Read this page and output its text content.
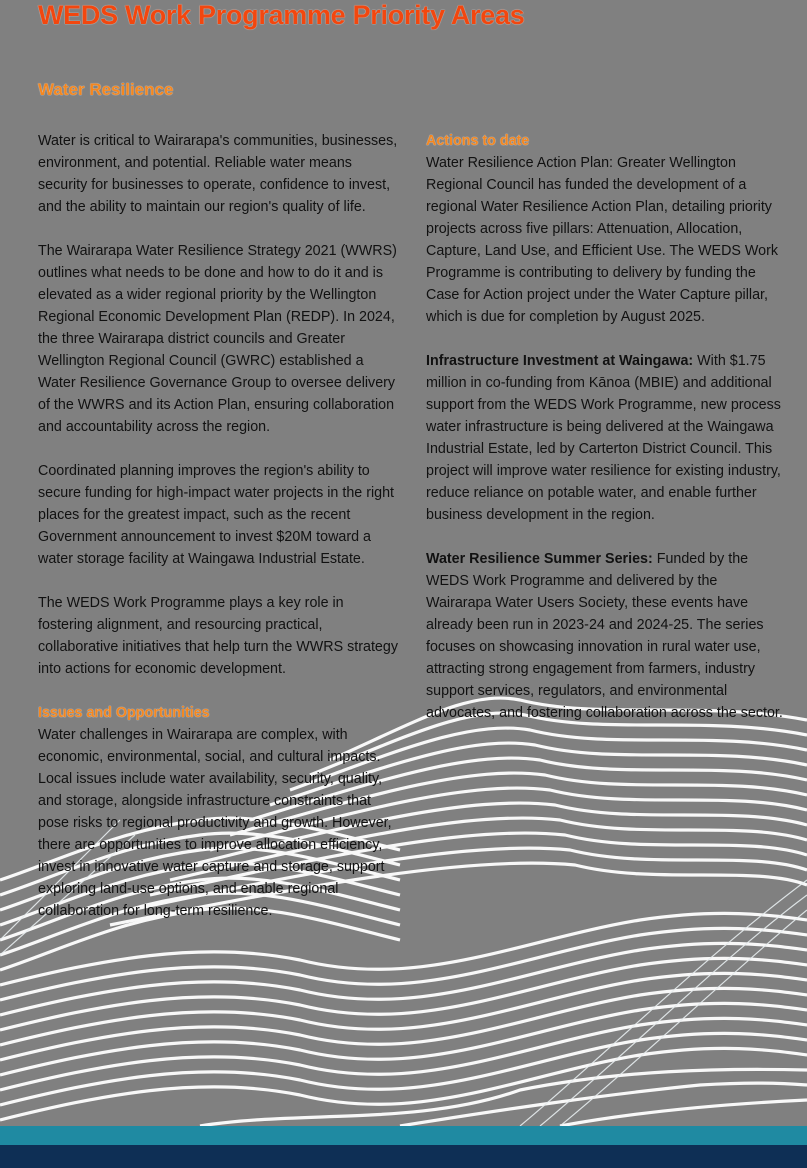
WEDS Work Programme Priority Areas
Water Resilience

Water is critical to Wairarapa's communities, businesses, environment, and potential. Reliable water means security for businesses to operate, confidence to invest, and the ability to maintain our region's quality of life.

The Wairarapa Water Resilience Strategy 2021 (WWRS) outlines what needs to be done and how to do it and is elevated as a wider regional priority by the Wellington Regional Economic Development Plan (REDP). In 2024, the three Wairarapa district councils and Greater Wellington Regional Council (GWRC) established a Water Resilience Governance Group to oversee delivery of the WWRS and its Action Plan, ensuring collaboration and accountability across the region.

Coordinated planning improves the region's ability to secure funding for high-impact water projects in the right places for the greatest impact, such as the recent Government announcement to invest $20M toward a water storage facility at Waingawa Industrial Estate.

The WEDS Work Programme plays a key role in fostering alignment, and resourcing practical, collaborative initiatives that help turn the WWRS strategy into actions for economic development.

Issues and Opportunities

Water challenges in Wairarapa are complex, with economic, environmental, social, and cultural impacts. Local issues include water availability, security, quality, and storage, alongside infrastructure constraints that pose risks to regional productivity and growth. However, there are opportunities to improve allocation efficiency, invest in innovative water capture and storage, support exploring land-use options, and enable regional collaboration for long-term resilience.

Actions to date

Water Resilience Action Plan: Greater Wellington Regional Council has funded the development of a regional Water Resilience Action Plan, detailing priority projects across five pillars: Attenuation, Allocation, Capture, Land Use, and Efficient Use. The WEDS Work Programme is contributing to delivery by funding the Case for Action project under the Water Capture pillar, which is due for completion by August 2025.

Infrastructure Investment at Waingawa: With $1.75 million in co-funding from Kānoa (MBIE) and additional support from the WEDS Work Programme, new process water infrastructure is being delivered at the Waingawa Industrial Estate, led by Carterton District Council. This project will improve water resilience for existing industry, reduce reliance on potable water, and enable further business development in the region.

Water Resilience Summer Series: Funded by the WEDS Work Programme and delivered by the Wairarapa Water Users Society, these events have already been run in 2023-24 and 2024-25. The series focuses on showcasing innovation in rural water use, attracting strong engagement from farmers, industry support services, regulators, and environmental advocates, and fostering collaboration across the sector.
